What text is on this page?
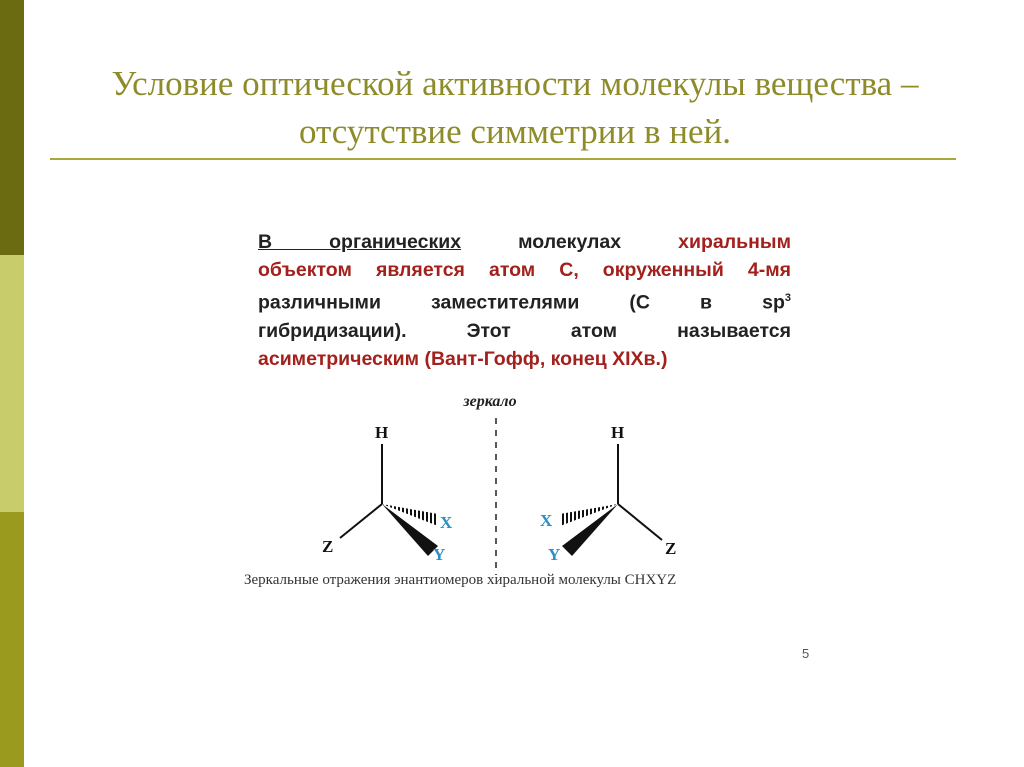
Условие оптической активности молекулы вещества –
отсутствие симметрии в ней.
В органических	молекулах	хиральным
объектом является атом С, окруженный 4-мя
различными заместителями (С в $sp^3$
гибридизации). Этот атом называется
асиметрическим (Вант-Гофф, конец XIXв.)
зеркало
H
Z
X
Y
H
Z
X
Y
Зеркальные отражения энантиомеров хиральной молекулы CHXYZ
5
